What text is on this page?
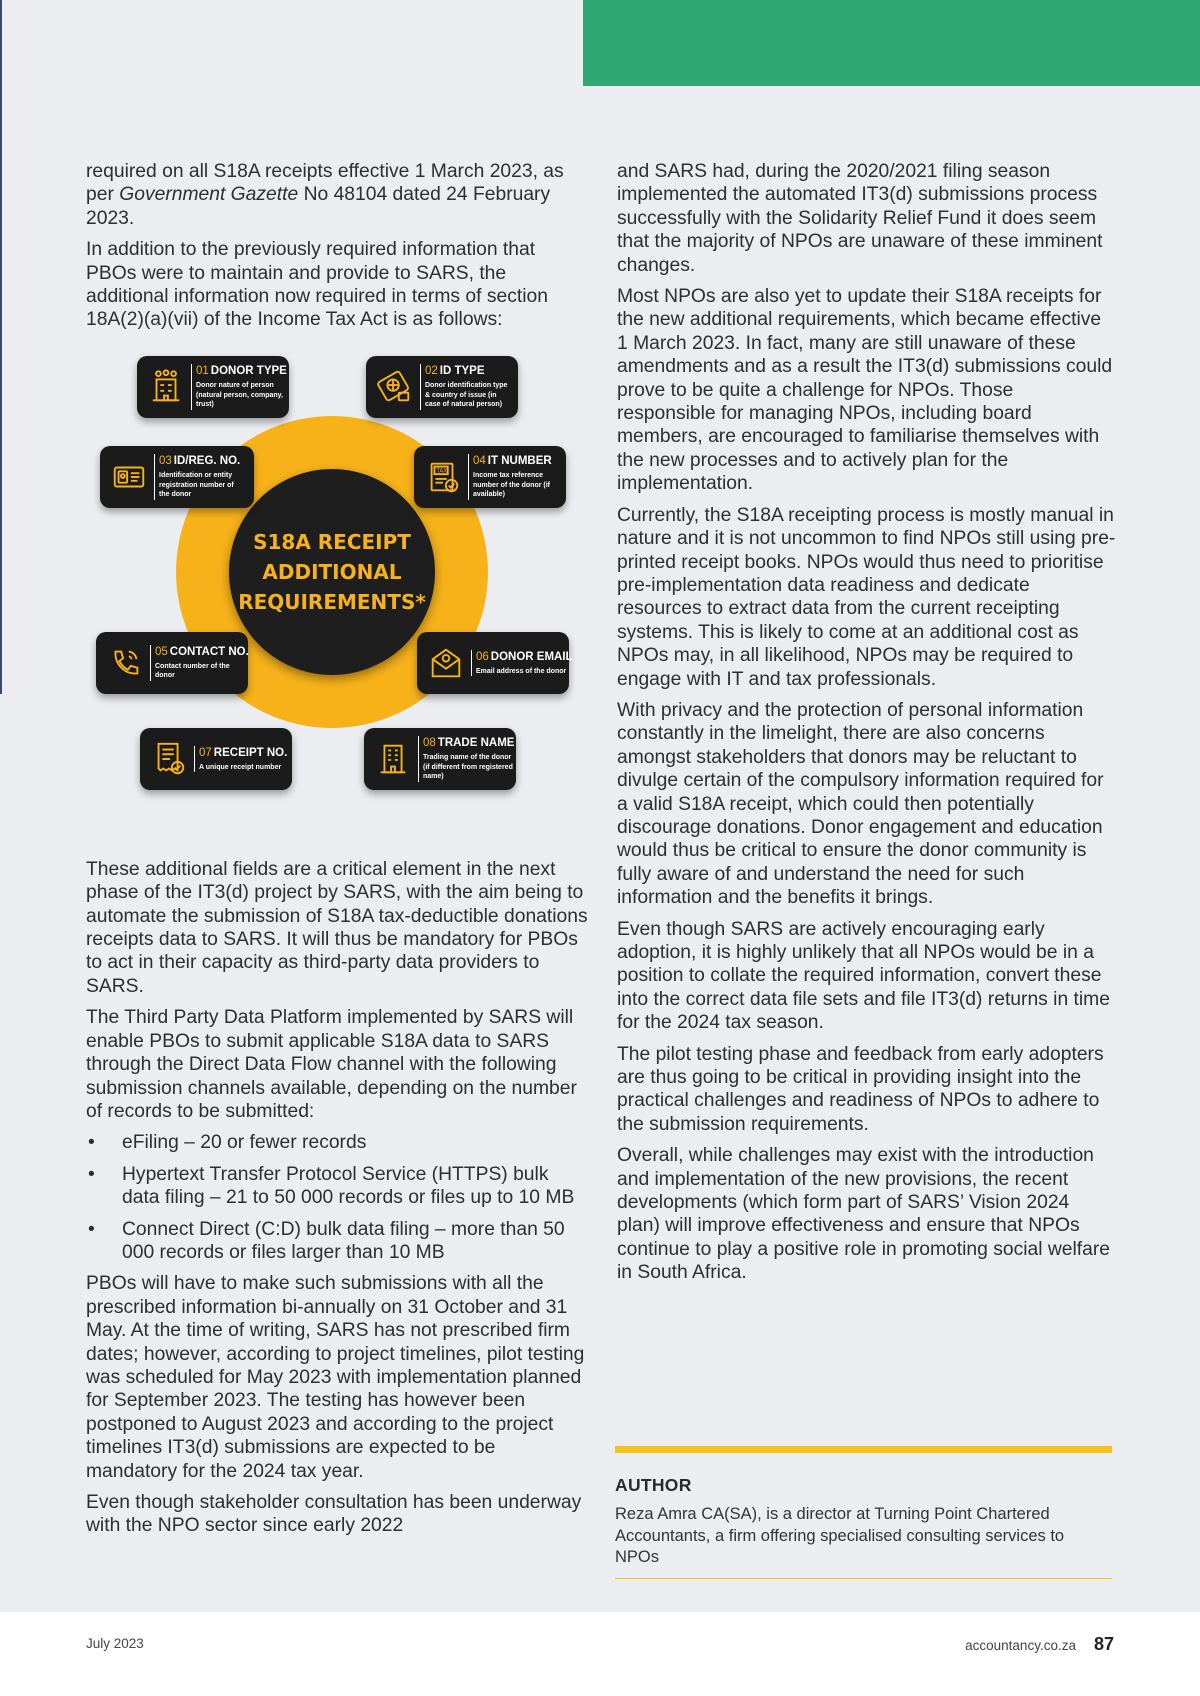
required on all S18A receipts effective 1 March 2023, as per Government Gazette No 48104 dated 24 February 2023.

In addition to the previously required information that PBOs were to maintain and provide to SARS, the additional information now required in terms of section 18A(2)(a)(vii) of the Income Tax Act is as follows:

S18A RECEIPT ADDITIONAL REQUIREMENTS*
01 DONOR TYPE
Donor nature of person (natural person, company, trust)
02 ID TYPE
Donor identification type & country of issue (in case of natural person)
03 ID/REG. NO.
Identification or entity registration number of the donor
TAX
04 IT NUMBER
Income tax reference number of the donor (if available)
05 CONTACT NO.
Contact number of the donor
06 DONOR EMAIL
Email address of the donor
07 RECEIPT NO.
A unique receipt number
08 TRADE NAME
Trading name of the donor (if different from registered name)

These additional fields are a critical element in the next phase of the IT3(d) project by SARS, with the aim being to automate the submission of S18A tax-deductible donations receipts data to SARS. It will thus be mandatory for PBOs to act in their capacity as third-party data providers to SARS.

The Third Party Data Platform implemented by SARS will enable PBOs to submit applicable S18A data to SARS through the Direct Data Flow channel with the following submission channels available, depending on the number of records to be submitted:

• eFiling – 20 or fewer records
• Hypertext Transfer Protocol Service (HTTPS) bulk data filing – 21 to 50 000 records or files up to 10 MB
• Connect Direct (C:D) bulk data filing – more than 50 000 records or files larger than 10 MB

PBOs will have to make such submissions with all the prescribed information bi-annually on 31 October and 31 May. At the time of writing, SARS has not prescribed firm dates; however, according to project timelines, pilot testing was scheduled for May 2023 with implementation planned for September 2023. The testing has however been postponed to August 2023 and according to the project timelines IT3(d) submissions are expected to be mandatory for the 2024 tax year.

Even though stakeholder consultation has been underway with the NPO sector since early 2022

and SARS had, during the 2020/2021 filing season implemented the automated IT3(d) submissions process successfully with the Solidarity Relief Fund it does seem that the majority of NPOs are unaware of these imminent changes.

Most NPOs are also yet to update their S18A receipts for the new additional requirements, which became effective 1 March 2023. In fact, many are still unaware of these amendments and as a result the IT3(d) submissions could prove to be quite a challenge for NPOs. Those responsible for managing NPOs, including board members, are encouraged to familiarise themselves with the new processes and to actively plan for the implementation.

Currently, the S18A receipting process is mostly manual in nature and it is not uncommon to find NPOs still using pre-printed receipt books. NPOs would thus need to prioritise pre-implementation data readiness and dedicate resources to extract data from the current receipting systems. This is likely to come at an additional cost as NPOs may, in all likelihood, NPOs may be required to engage with IT and tax professionals.

With privacy and the protection of personal information constantly in the limelight, there are also concerns amongst stakeholders that donors may be reluctant to divulge certain of the compulsory information required for a valid S18A receipt, which could then potentially discourage donations. Donor engagement and education would thus be critical to ensure the donor community is fully aware of and understand the need for such information and the benefits it brings.

Even though SARS are actively encouraging early adoption, it is highly unlikely that all NPOs would be in a position to collate the required information, convert these into the correct data file sets and file IT3(d) returns in time for the 2024 tax season.

The pilot testing phase and feedback from early adopters are thus going to be critical in providing insight into the practical challenges and readiness of NPOs to adhere to the submission requirements.

Overall, while challenges may exist with the introduction and implementation of the new provisions, the recent developments (which form part of SARS’ Vision 2024 plan) will improve effectiveness and ensure that NPOs continue to play a positive role in promoting social welfare in South Africa.

AUTHOR
Reza Amra CA(SA), is a director at Turning Point Chartered Accountants, a firm offering specialised consulting services to NPOs
July 2023	accountancy.co.za 87
